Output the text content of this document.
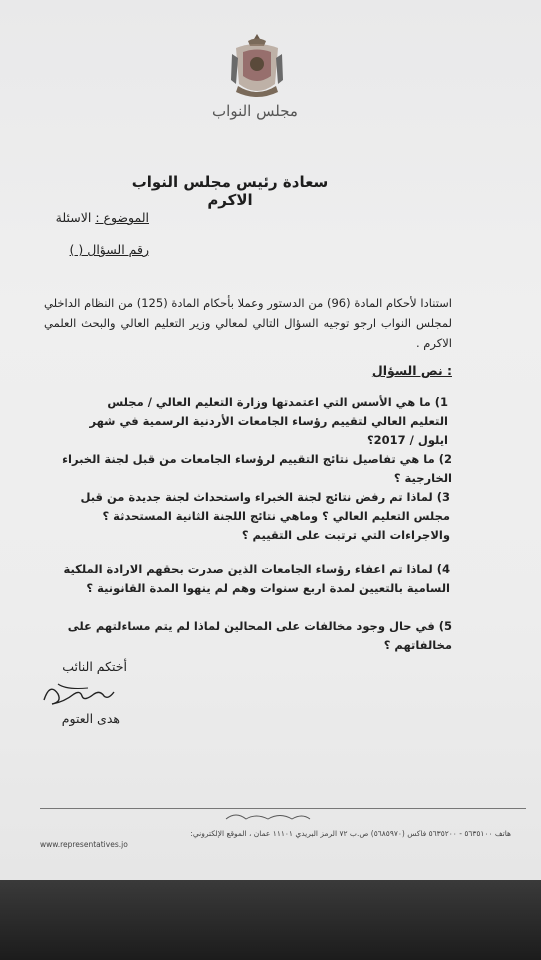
مجلس النواب
سعادة رئيس مجلس النواب الاكرم
الموضوع : الاسئلة
رقم السؤال ( )
استنادا لأحكام المادة (96) من الدستور وعملا بأحكام المادة (125) من النظام الداخلي لمجلس النواب ارجو توجيه السؤال التالي لمعالي وزير التعليم العالي والبحث العلمي الاكرم .
: نص السؤال
1) ما هي الأسس التي اعتمدتها وزارة التعليم العالي / مجلس التعليم العالي لتقييم رؤساء الجامعات الأردنية الرسمية في شهر ايلول / 2017؟
2) ما هي تفاصيل نتائج التقييم لرؤساء الجامعات من قبل لجنة الخبراء الخارجية ؟
3) لماذا تم رفض نتائج لجنة الخبراء واستحداث لجنة جديدة من قبل مجلس التعليم العالي ؟ وماهي نتائج اللجنة الثانية المستحدثة ؟ والاجراءات التي ترتبت على التقييم ؟
4) لماذا تم اعفاء رؤساء الجامعات الذين صدرت بحقهم الارادة الملكية السامية بالتعيين لمدة اربع سنوات وهم لم ينهوا المدة القانونية ؟
5) في حال وجود مخالفات على المحالين لماذا لم يتم مساءلتهم على مخالفاتهم ؟
أختكم النائب
هدى العتوم
هاتف ٥٦٣٥١٠٠ - ٥٦٣٥٢٠٠ فاكس (٥٦٨٥٩٧٠) ص.ب ٧٢ الرمز البريدي ١١١٠١ عمان ، الموقع الإلكتروني:
www.representatives.jo
